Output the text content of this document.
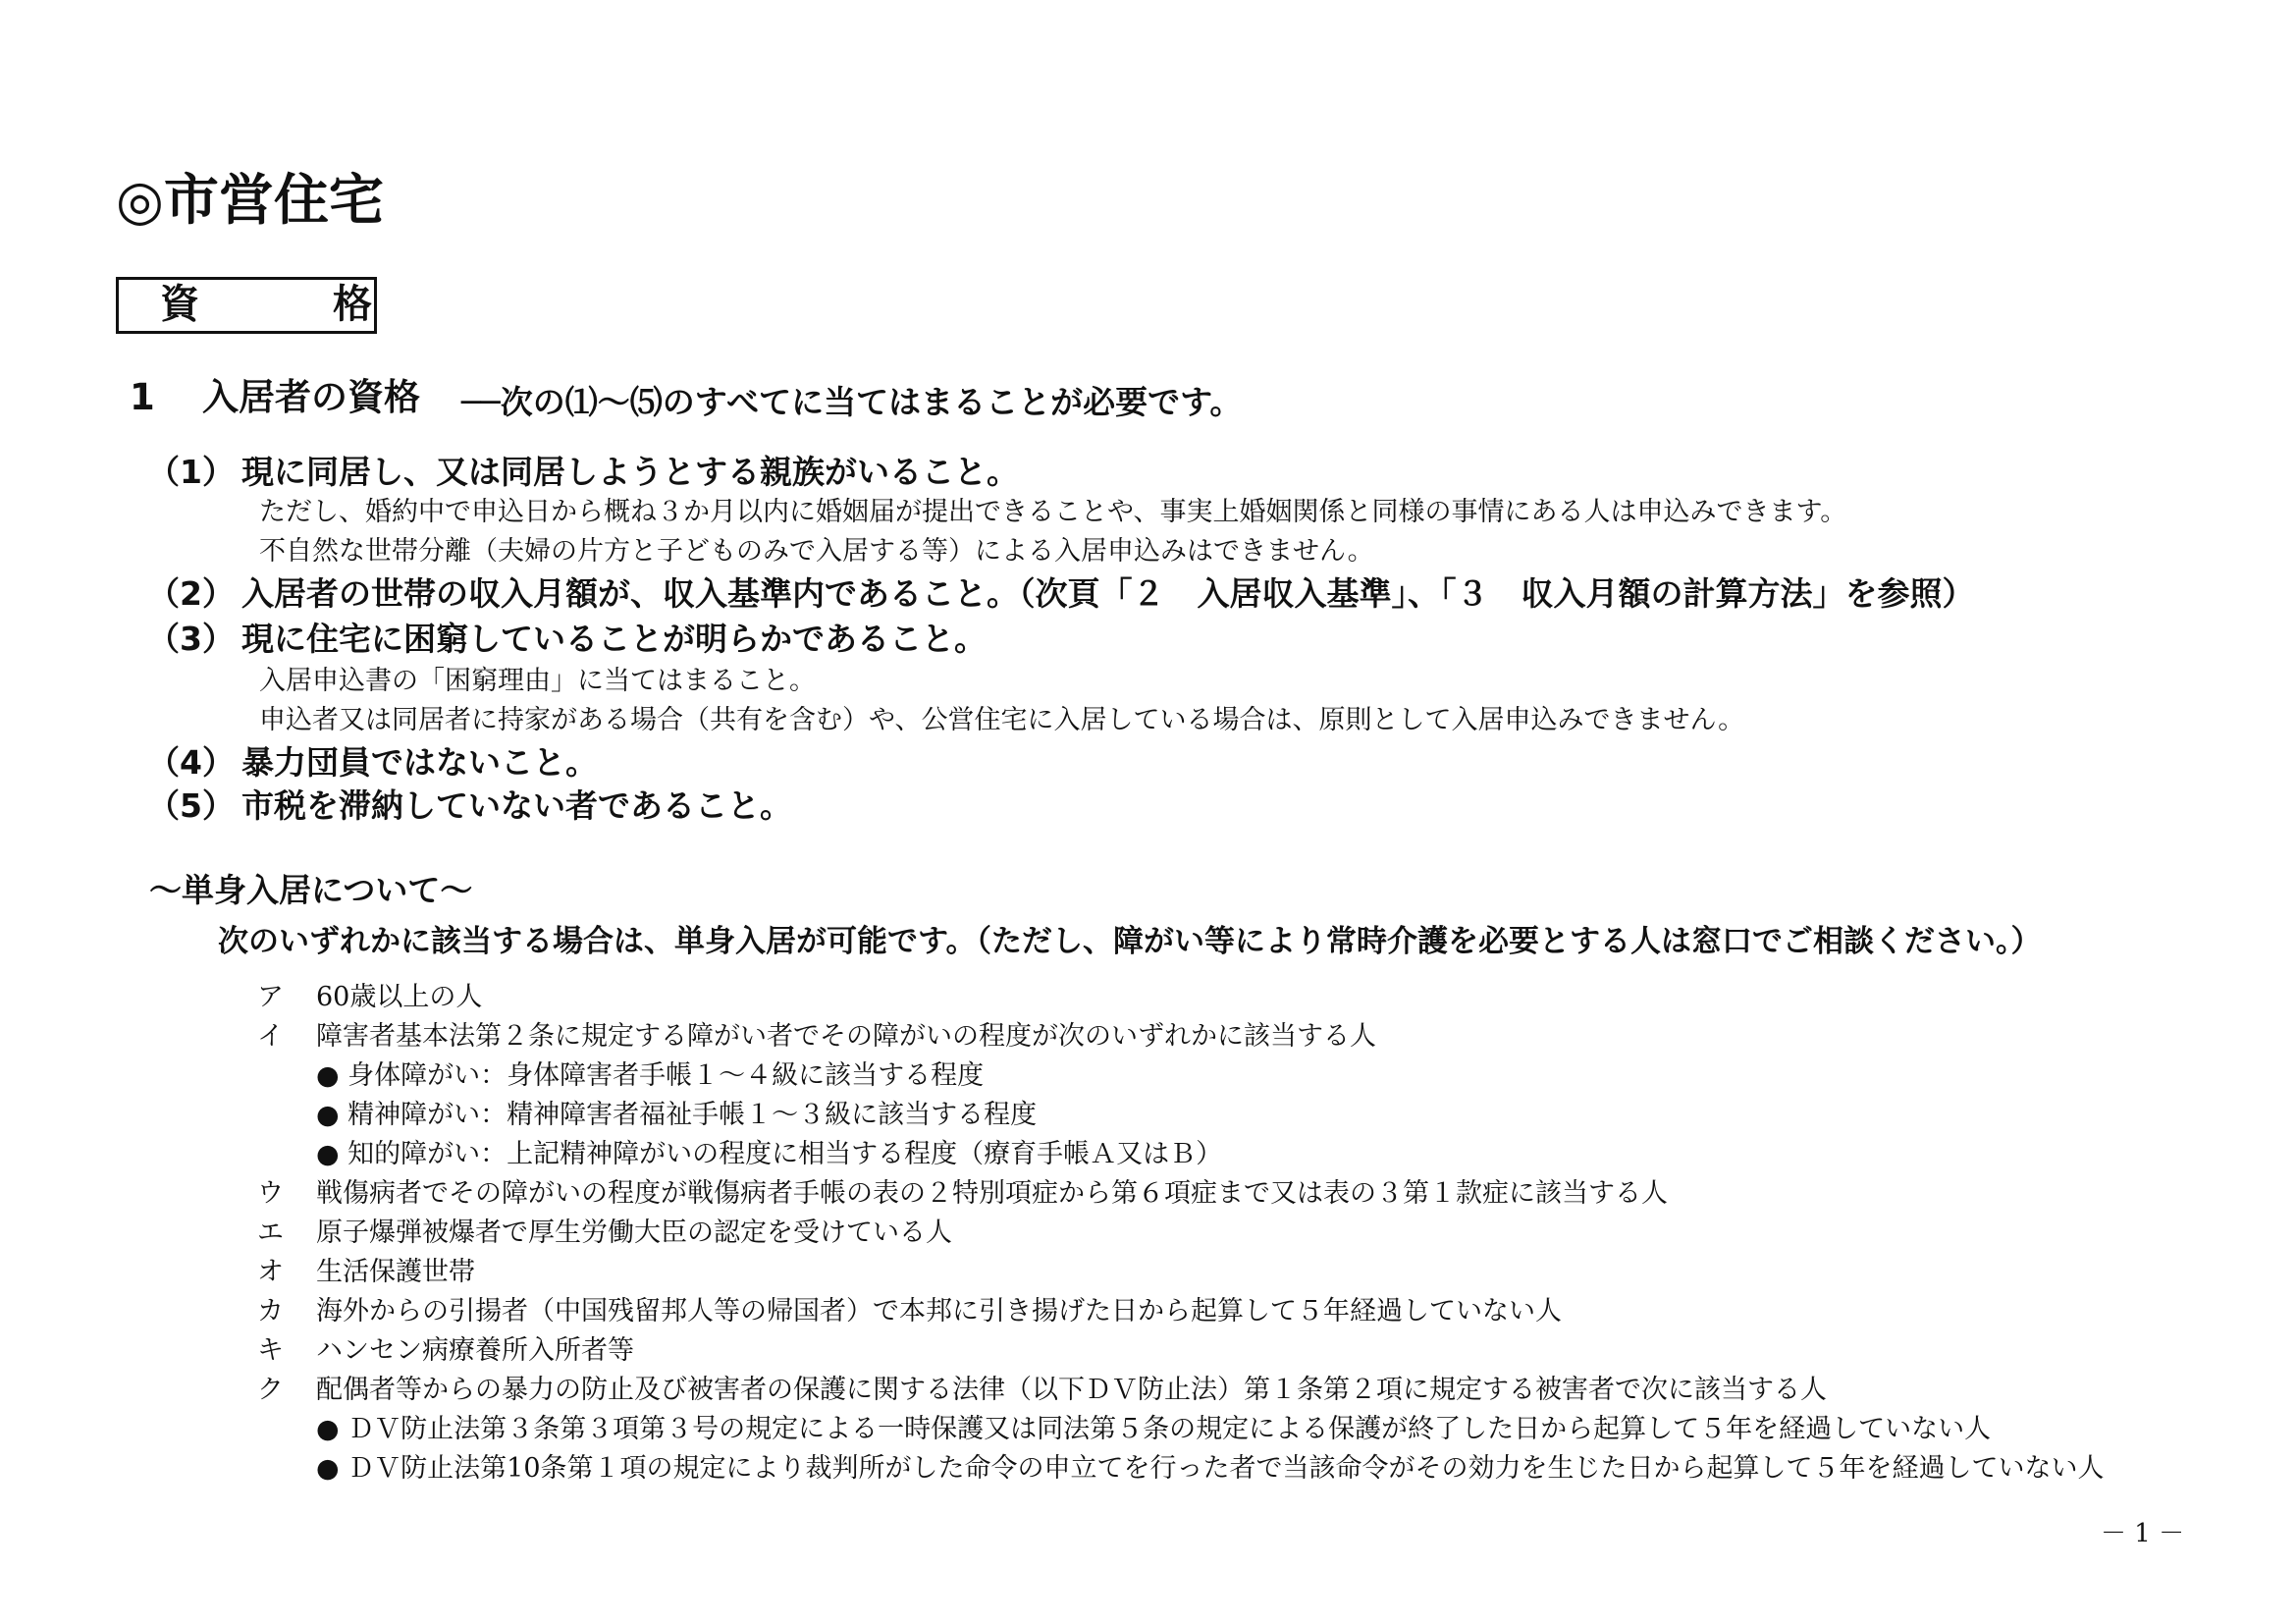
◎市営住宅
資　格
1 入居者の資格 ──次の⑴～⑸のすべてに当てはまることが必要です。
（1） 現に同居し、又は同居しようとする親族がいること。
ただし、婚約中で申込日から概ね３か月以内に婚姻届が提出できることや、事実上婚姻関係と同様の事情にある人は申込みできます。
不自然な世帯分離（夫婦の片方と子どものみで入居する等）による入居申込みはできません。
（2） 入居者の世帯の収入月額が、収入基準内であること。（次頁「２　入居収入基準」、「３　収入月額の計算方法」を参照）
（3） 現に住宅に困窮していることが明らかであること。
入居申込書の「困窮理由」に当てはまること。
申込者又は同居者に持家がある場合（共有を含む）や、公営住宅に入居している場合は、原則として入居申込みできません。
（4） 暴力団員ではないこと。
（5） 市税を滞納していない者であること。
～単身入居について～
次のいずれかに該当する場合は、単身入居が可能です。（ただし、障がい等により常時介護を必要とする人は窓口でご相談ください。）
ア 60歳以上の人
イ 障害者基本法第２条に規定する障がい者でその障がいの程度が次のいずれかに該当する人
● 身体障がい：身体障害者手帳１～４級に該当する程度
● 精神障がい：精神障害者福祉手帳１～３級に該当する程度
● 知的障がい：上記精神障がいの程度に相当する程度（療育手帳Ａ又はＢ）
ウ 戦傷病者でその障がいの程度が戦傷病者手帳の表の２特別項症から第６項症まで又は表の３第１款症に該当する人
エ 原子爆弾被爆者で厚生労働大臣の認定を受けている人
オ 生活保護世帯
カ 海外からの引揚者（中国残留邦人等の帰国者）で本邦に引き揚げた日から起算して５年経過していない人
キ ハンセン病療養所入所者等
ク 配偶者等からの暴力の防止及び被害者の保護に関する法律（以下ＤＶ防止法）第１条第２項に規定する被害者で次に該当する人
● ＤＶ防止法第３条第３項第３号の規定による一時保護又は同法第５条の規定による保護が終了した日から起算して５年を経過していない人
● ＤＶ防止法第10条第１項の規定により裁判所がした命令の申立てを行った者で当該命令がその効力を生じた日から起算して５年を経過していない人
－ 1 －
